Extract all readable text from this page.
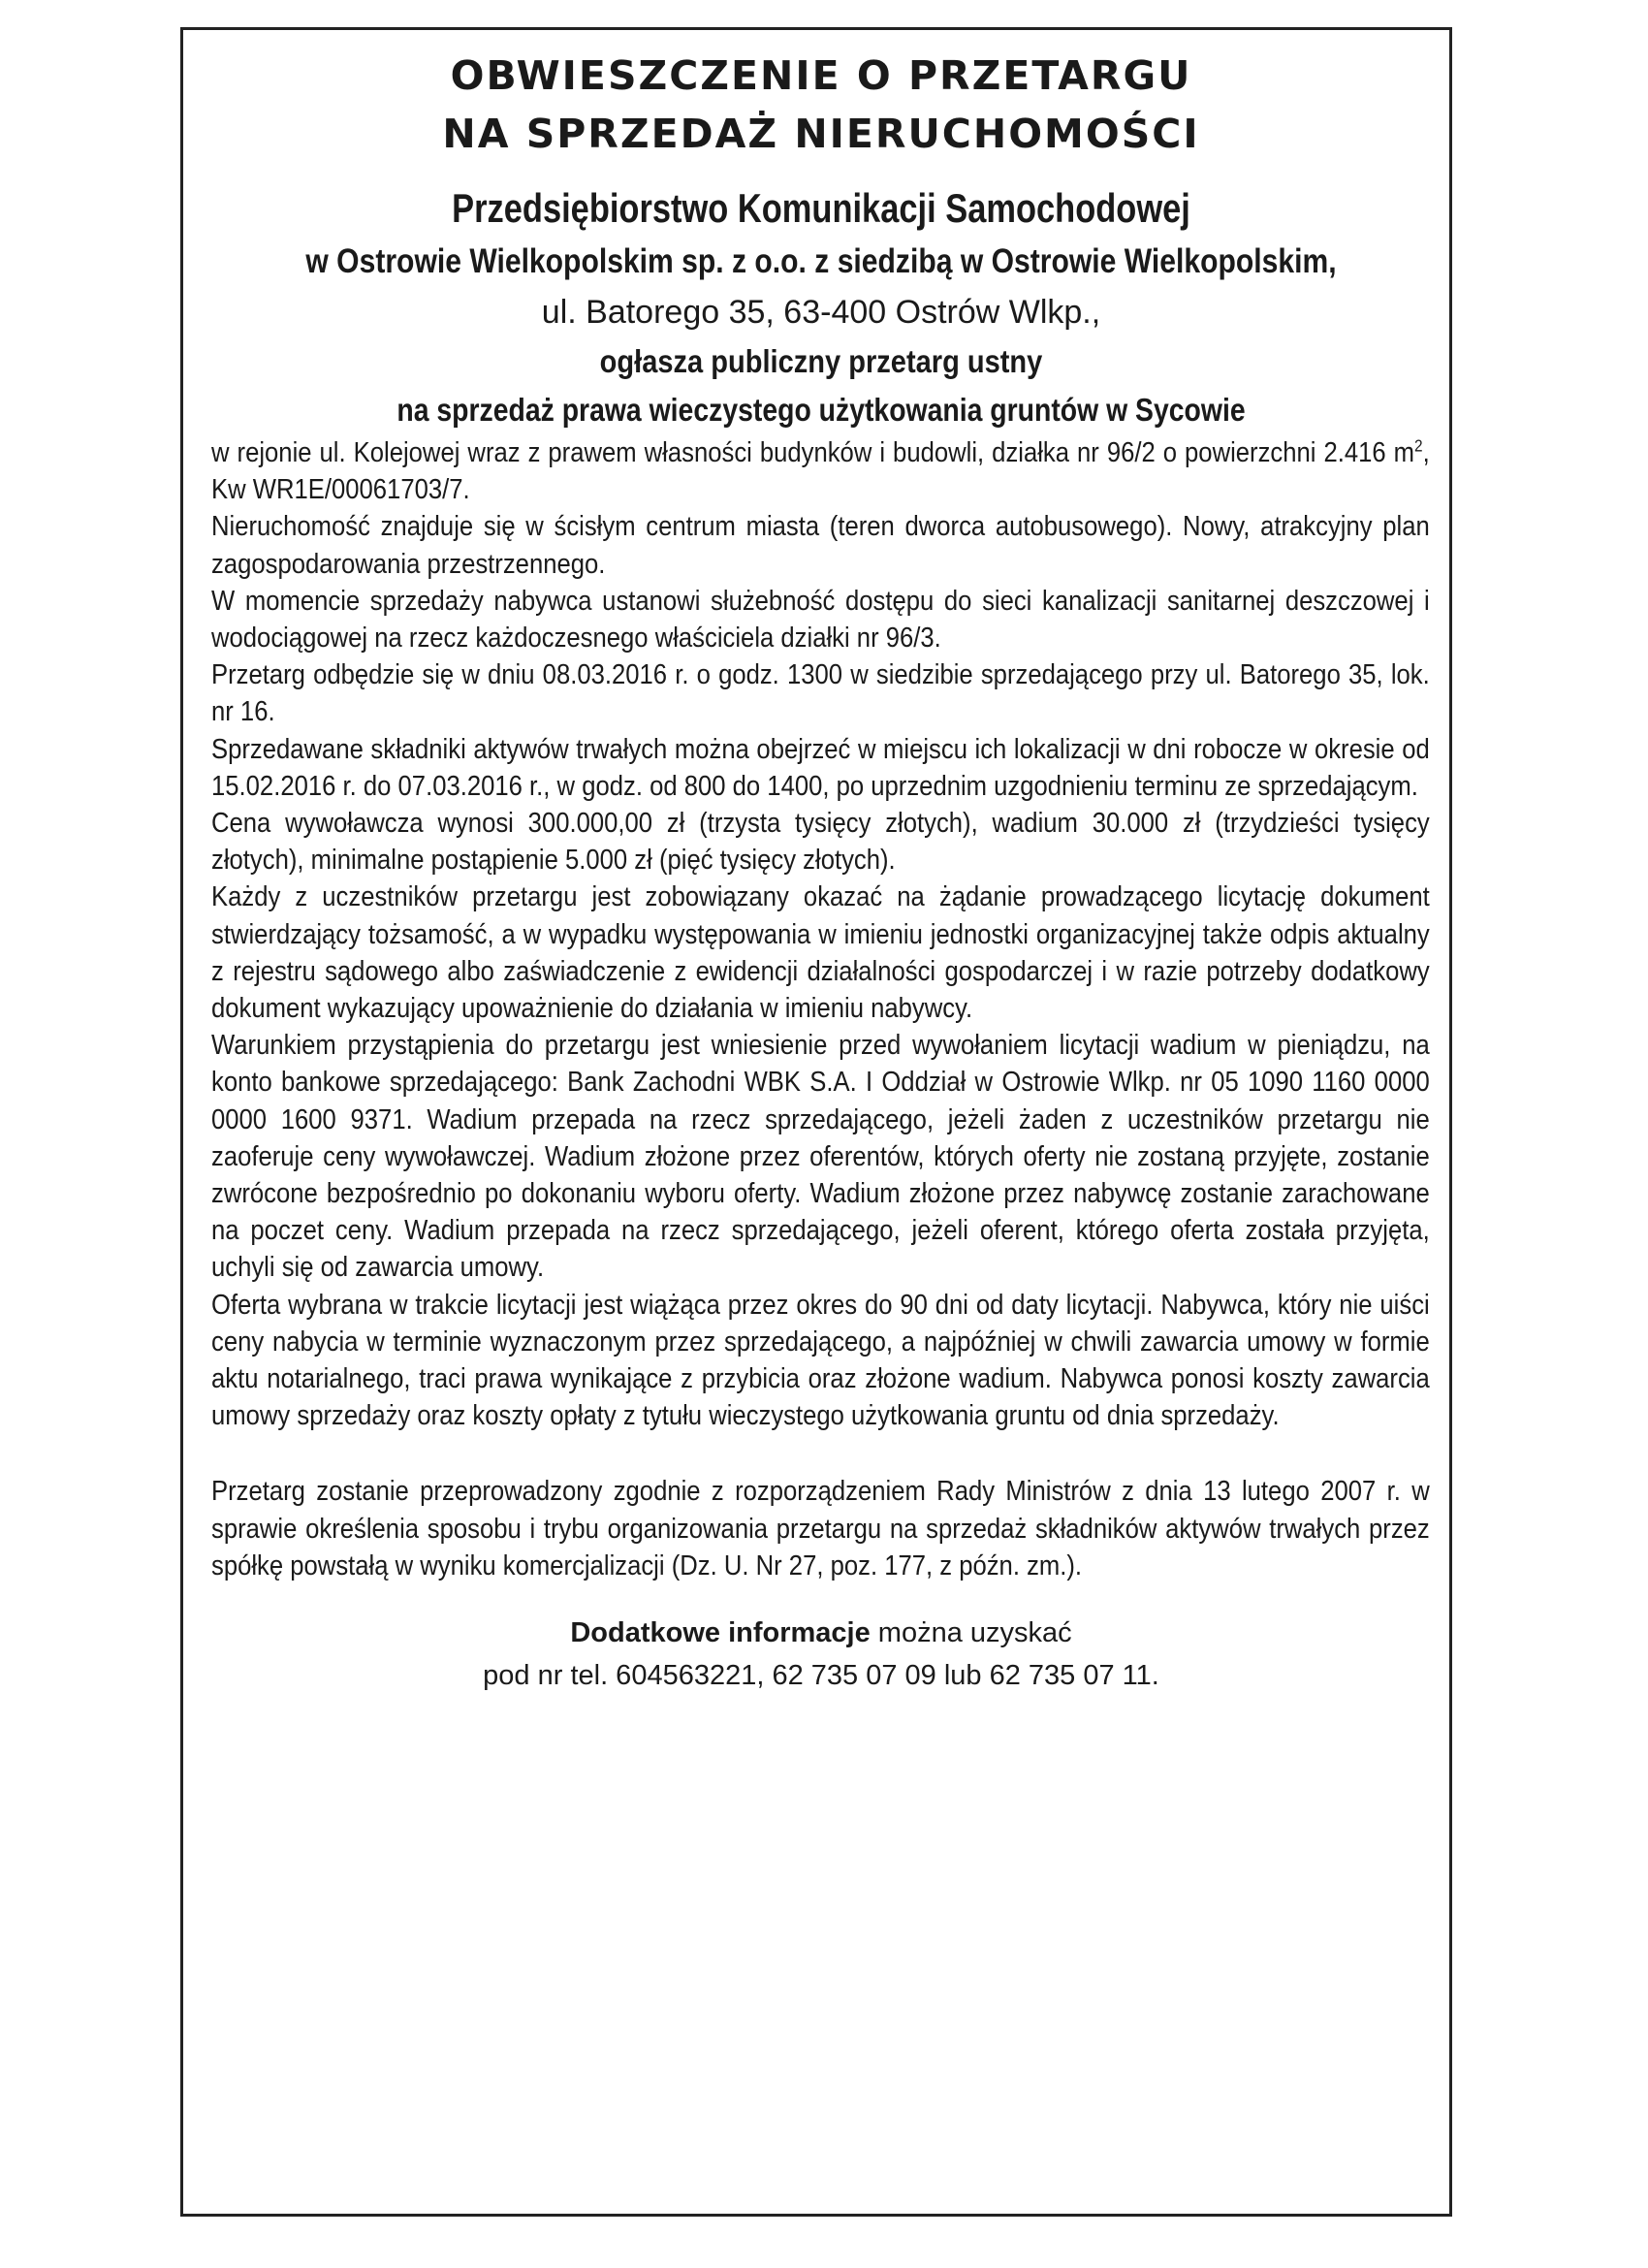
OBWIESZCZENIE O PRZETARGU
NA SPRZEDAŻ NIERUCHOMOŚCI
Przedsiębiorstwo Komunikacji Samochodowej
w Ostrowie Wielkopolskim sp. z o.o. z siedzibą w Ostrowie Wielkopolskim,
ul. Batorego 35, 63-400 Ostrów Wlkp.,
ogłasza publiczny przetarg ustny
na sprzedaż prawa wieczystego użytkowania gruntów w Sycowie

w rejonie ul. Kolejowej wraz z prawem własności budynków i budowli, działka nr 96/2 o powierzchni 2.416 $m^2$, Kw WR1E/00061703/7.

Nieruchomość znajduje się w ścisłym centrum miasta (teren dworca autobusowego). Nowy, atrakcyjny plan zagospodarowania przestrzennego.

W momencie sprzedaży nabywca ustanowi służebność dostępu do sieci kanalizacji sanitarnej deszczowej i wodociągowej na rzecz każdoczesnego właściciela działki nr 96/3.

Przetarg odbędzie się w dniu 08.03.2016 r. o godz. 1300 w siedzibie sprzedającego przy ul. Batorego 35, lok. nr 16.

Sprzedawane składniki aktywów trwałych można obejrzeć w miejscu ich lokalizacji w dni robocze w okresie od 15.02.2016 r. do 07.03.2016 r., w godz. od 800 do 1400, po uprzednim uzgodnieniu terminu ze sprzedającym.

Cena wywoławcza wynosi 300.000,00 zł (trzysta tysięcy złotych), wadium 30.000 zł (trzydzieści tysięcy złotych), minimalne postąpienie 5.000 zł (pięć tysięcy złotych).

Każdy z uczestników przetargu jest zobowiązany okazać na żądanie prowadzącego licytację dokument stwierdzający tożsamość, a w wypadku występowania w imieniu jednostki organizacyjnej także odpis aktualny z rejestru sądowego albo zaświadczenie z ewidencji działalności gospodarczej i w razie potrzeby dodatkowy dokument wykazujący upoważnienie do działania w imieniu nabywcy.

Warunkiem przystąpienia do przetargu jest wniesienie przed wywołaniem licytacji wadium w pieniądzu, na konto bankowe sprzedającego: Bank Zachodni WBK S.A. I Oddział w Ostrowie Wlkp. nr 05 1090 1160 0000 0000 1600 9371. Wadium przepada na rzecz sprzedającego, jeżeli żaden z uczestników przetargu nie zaoferuje ceny wywoławczej. Wadium złożone przez oferentów, których oferty nie zostaną przyjęte, zostanie zwrócone bezpośrednio po dokonaniu wyboru oferty. Wadium złożone przez nabywcę zostanie zarachowane na poczet ceny. Wadium przepada na rzecz sprzedającego, jeżeli oferent, którego oferta została przyjęta, uchyli się od zawarcia umowy.

Oferta wybrana w trakcie licytacji jest wiążąca przez okres do 90 dni od daty licytacji. Nabywca, który nie uiści ceny nabycia w terminie wyznaczonym przez sprzedającego, a najpóźniej w chwili zawarcia umowy w formie aktu notarialnego, traci prawa wynikające z przybicia oraz złożone wadium. Nabywca ponosi koszty zawarcia umowy sprzedaży oraz koszty opłaty z tytułu wieczystego użytkowania gruntu od dnia sprzedaży.

Przetarg zostanie przeprowadzony zgodnie z rozporządzeniem Rady Ministrów z dnia 13 lutego 2007 r. w sprawie określenia sposobu i trybu organizowania przetargu na sprzedaż składników aktywów trwałych przez spółkę powstałą w wyniku komercjalizacji (Dz. U. Nr 27, poz. 177, z późn. zm.).

Dodatkowe informacje można uzyskać
pod nr tel. 604563221, 62 735 07 09 lub 62 735 07 11.
